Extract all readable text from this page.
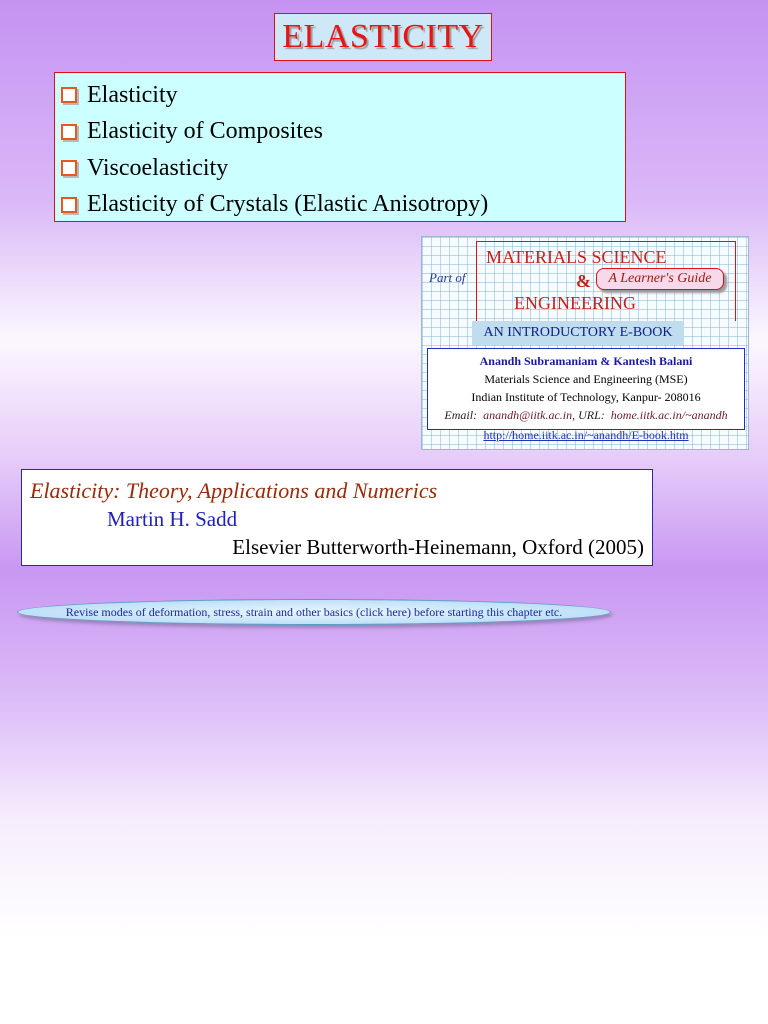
ELASTICITY
Elasticity
Elasticity of Composites
Viscoelasticity
Elasticity of Crystals (Elastic Anisotropy)
Part of
MATERIALS SCIENCE
&	A Learner's Guide
ENGINEERING
AN INTRODUCTORY E-BOOK
Anandh Subramaniam & Kantesh Balani
Materials Science and Engineering (MSE)
Indian Institute of Technology, Kanpur- 208016
Email: anandh@iitk.ac.in, URL: home.iitk.ac.in/~anandh
http://home.iitk.ac.in/~anandh/E-book.htm
Elasticity: Theory, Applications and Numerics
Martin H. Sadd
Elsevier Butterworth-Heinemann, Oxford (2005)
Revise modes of deformation, stress, strain and other basics (click here) before starting this chapter etc.
